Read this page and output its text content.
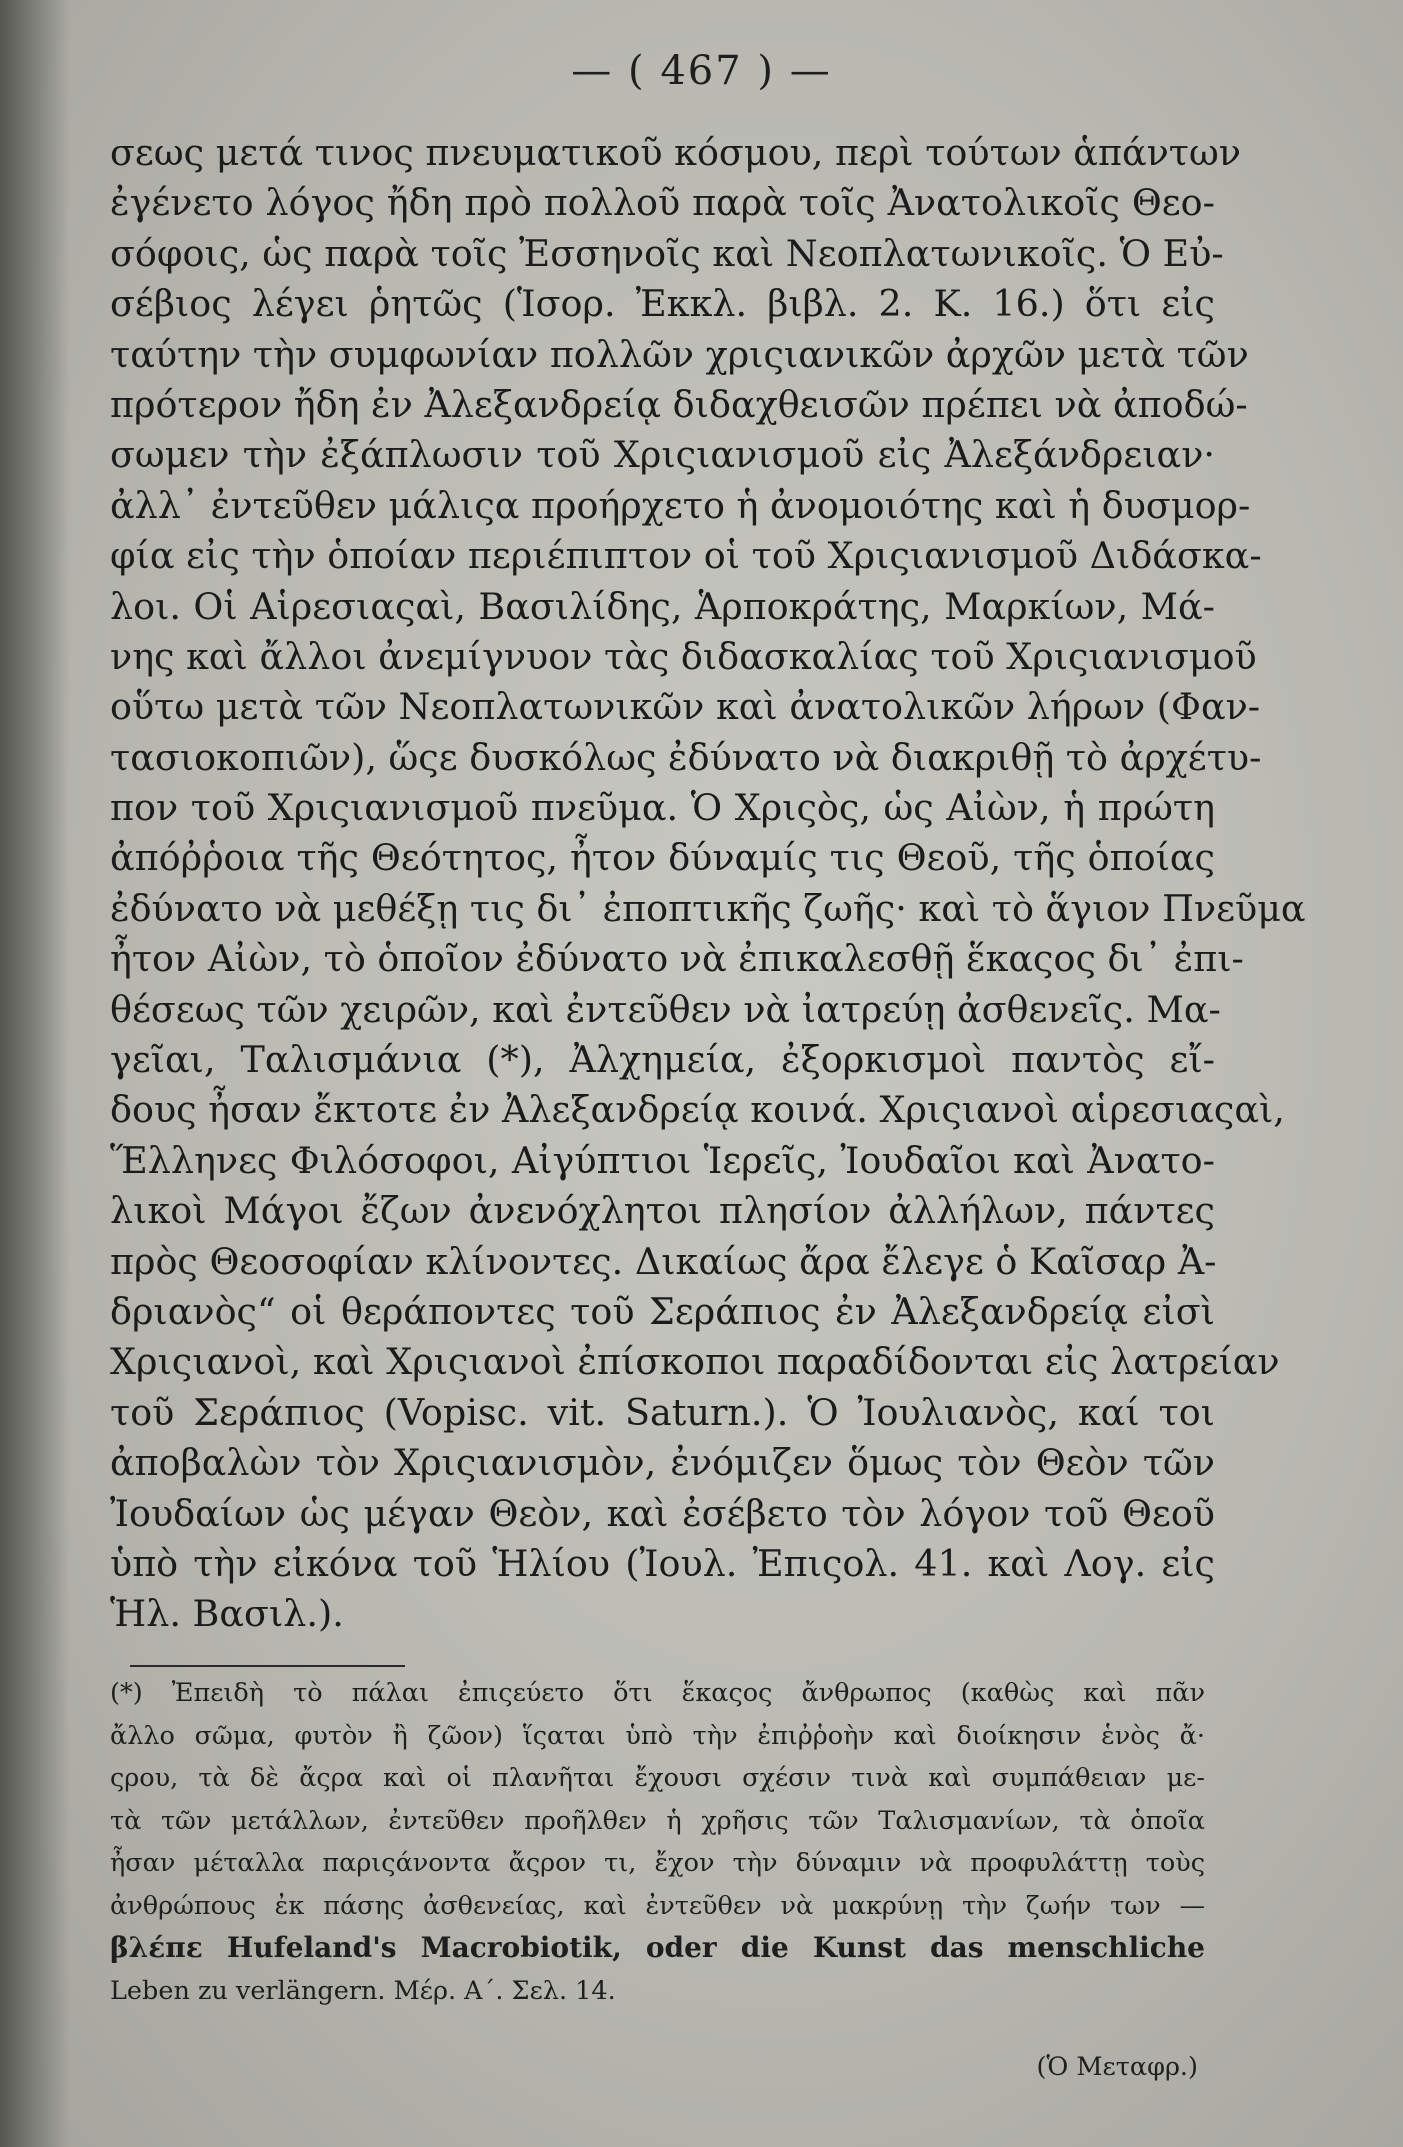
— ( 467 ) —
σεως μετά τινος πνευματικοῦ κόσμου, περὶ τούτων ἁπάντων
ἐγένετο λόγος ἤδη πρὸ πολλοῦ παρὰ τοῖς Ἀνατολικοῖς Θεο-
σόφοις, ὡς παρὰ τοῖς Ἐσσηνοῖς καὶ Νεοπλατωνικοῖς. Ὁ Εὐ-
σέβιος λέγει ῥητῶς (Ἱσορ. Ἐκκλ. βιβλ. 2. Κ. 16.) ὅτι εἰς
ταύτην τὴν συμφωνίαν πολλῶν χριςιανικῶν ἀρχῶν μετὰ τῶν
πρότερον ἤδη ἐν Ἀλεξανδρείᾳ διδαχθεισῶν πρέπει νὰ ἀποδώ-
σωμεν τὴν ἐξάπλωσιν τοῦ Χριςιανισμοῦ εἰς Ἀλεξάνδρειαν·
ἀλλ᾽ ἐντεῦθεν μάλιςα προήρχετο ἡ ἀνομοιότης καὶ ἡ δυσμορ-
φία εἰς τὴν ὁποίαν περιέπιπτον οἱ τοῦ Χριςιανισμοῦ Διδάσκα-
λοι. Οἱ Αἱρεσιαςαὶ, Βασιλίδης, Ἁρποκράτης, Μαρκίων, Μά-
νης καὶ ἄλλοι ἀνεμίγνυον τὰς διδασκαλίας τοῦ Χριςιανισμοῦ
οὕτω μετὰ τῶν Νεοπλατωνικῶν καὶ ἀνατολικῶν λήρων (Φαν-
τασιοκοπιῶν), ὥςε δυσκόλως ἐδύνατο νὰ διακριθῇ τὸ ἀρχέτυ-
πον τοῦ Χριςιανισμοῦ πνεῦμα. Ὁ Χριςὸς, ὡς Αἰὼν, ἡ πρώτη
ἀπόῤῥοια τῆς Θεότητος, ἦτον δύναμίς τις Θεοῦ, τῆς ὁποίας
ἐδύνατο νὰ μεθέξῃ τις δι᾽ ἐποπτικῆς ζωῆς· καὶ τὸ ἅγιον Πνεῦμα
ἦτον Αἰὼν, τὸ ὁποῖον ἐδύνατο νὰ ἐπικαλεσθῇ ἕκαςος δι᾽ ἐπι-
θέσεως τῶν χειρῶν, καὶ ἐντεῦθεν νὰ ἰατρεύῃ ἀσθενεῖς. Μα-
γεῖαι, Ταλισμάνια (*), Ἀλχημεία, ἐξορκισμοὶ παντὸς εἴ-
δους ἦσαν ἔκτοτε ἐν Ἀλεξανδρείᾳ κοινά. Χριςιανοὶ αἱρεσιαςαὶ,
Ἕλληνες Φιλόσοφοι, Αἰγύπτιοι Ἱερεῖς, Ἰουδαῖοι καὶ Ἀνατο-
λικοὶ Μάγοι ἔζων ἀνενόχλητοι πλησίον ἀλλήλων, πάντες
πρὸς Θεοσοφίαν κλίνοντες. Δικαίως ἄρα ἔλεγε ὁ Καῖσαρ Ἀ-
δριανὸς“ οἱ θεράποντες τοῦ Σεράπιος ἐν Ἀλεξανδρείᾳ εἰσὶ
Χριςιανοὶ, καὶ Χριςιανοὶ ἐπίσκοποι παραδίδονται εἰς λατρείαν
τοῦ Σεράπιος (Vopisc. vit. Saturn.). Ὁ Ἰουλιανὸς, καί τοι
ἀποβαλὼν τὸν Χριςιανισμὸν, ἐνόμιζεν ὅμως τὸν Θεὸν τῶν
Ἰουδαίων ὡς μέγαν Θεὸν, καὶ ἐσέβετο τὸν λόγον τοῦ Θεοῦ
ὑπὸ τὴν εἰκόνα τοῦ Ἡλίου (Ἰουλ. Ἐπιςολ. 41. καὶ Λογ. εἰς
Ἡλ. Βασιλ.).
(*) Ἐπειδὴ τὸ πάλαι ἐπιςεύετο ὅτι ἕκαςος ἄνθρωπος (καθὼς καὶ πᾶν
ἄλλο σῶμα, φυτὸν ἢ ζῶον) ἵςαται ὑπὸ τὴν ἐπιῤῥοὴν καὶ διοίκησιν ἑνὸς ἄ·
ςρου, τὰ δὲ ἄςρα καὶ οἱ πλανῆται ἔχουσι σχέσιν τινὰ καὶ συμπάθειαν με-
τὰ τῶν μετάλλων, ἐντεῦθεν προῆλθεν ἡ χρῆσις τῶν Ταλισμανίων, τὰ ὁποῖα
ἦσαν μέταλλα παριςάνοντα ἄςρον τι, ἔχον τὴν δύναμιν νὰ προφυλάττῃ τοὺς
ἀνθρώπους ἐκ πάσης ἀσθενείας, καὶ ἐντεῦθεν νὰ μακρύνῃ τὴν ζωήν των —
βλέπε Hufeland's Macrobiotik, oder die Kunst das menschliche
Leben zu verlängern. Μέρ. Α΄. Σελ. 14.
(Ὁ Μεταφρ.)
